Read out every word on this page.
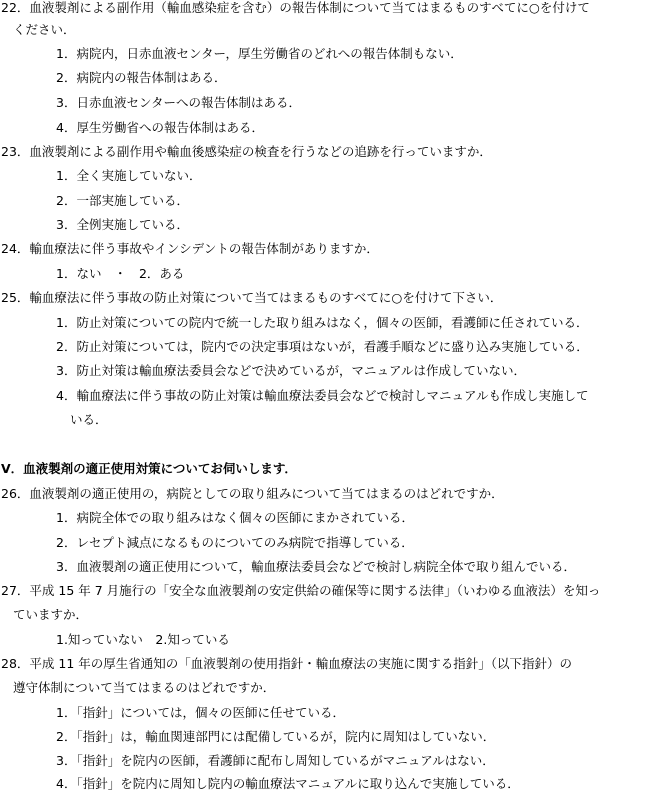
22．血液製剤による副作用（輸血感染症を含む）の報告体制について当てはまるものすべてに○を付けて
ください．
1．病院内，日赤血液センター，厚生労働省のどれへの報告体制もない．
2．病院内の報告体制はある．
3．日赤血液センターへの報告体制はある．
4．厚生労働省への報告体制はある．
23．血液製剤による副作用や輸血後感染症の検査を行うなどの追跡を行っていますか．
1．全く実施していない．
2．一部実施している．
3．全例実施している．
24．輸血療法に伴う事故やインシデントの報告体制がありますか．
1．ない　・　2．ある
25．輸血療法に伴う事故の防止対策について当てはまるものすべてに○を付けて下さい．
1．防止対策についての院内で統一した取り組みはなく，個々の医師，看護師に任されている．
2．防止対策については，院内での決定事項はないが，看護手順などに盛り込み実施している．
3．防止対策は輸血療法委員会などで決めているが，マニュアルは作成していない．
4．輸血療法に伴う事故の防止対策は輸血療法委員会などで検討しマニュアルも作成し実施して
いる．
Ⅴ．血液製剤の適正使用対策についてお伺いします．
26．血液製剤の適正使用の，病院としての取り組みについて当てはまるのはどれですか．
1．病院全体での取り組みはなく個々の医師にまかされている．
2．レセプト減点になるものについてのみ病院で指導している．
3．血液製剤の適正使用について，輸血療法委員会などで検討し病院全体で取り組んでいる．
27．平成 15 年 7 月施行の「安全な血液製剤の安定供給の確保等に関する法律」（いわゆる血液法）を知っ
ていますか．
1.知っていない　2.知っている
28．平成 11 年の厚生省通知の「血液製剤の使用指針・輸血療法の実施に関する指針」（以下指針）の
遵守体制について当てはまるのはどれですか．
1．「指針」については，個々の医師に任せている．
2．「指針」は，輸血関連部門には配備しているが，院内に周知はしていない．
3．「指針」を院内の医師，看護師に配布し周知しているがマニュアルはない．
4．「指針」を院内に周知し院内の輸血療法マニュアルに取り込んで実施している．
